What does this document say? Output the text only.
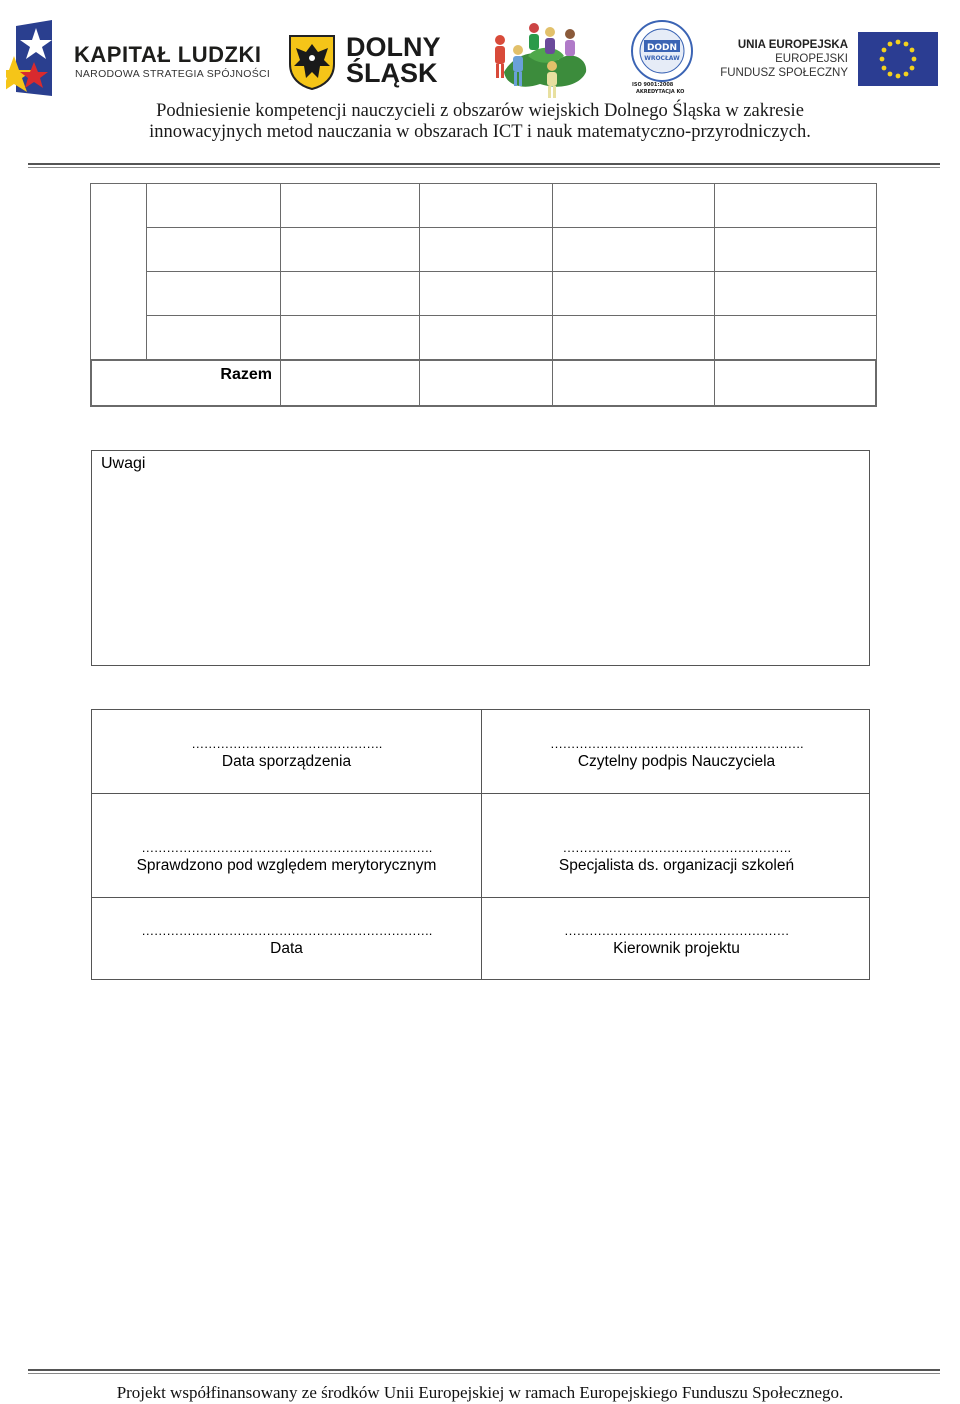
KAPITAŁ LUDZKI
NARODOWA STRATEGIA SPÓJNOŚCI
DOLNY
ŚLĄSK
DODN
WROCŁAW
ISO 9001:2008
AKREDYTACJA KO
UNIA EUROPEJSKA
EUROPEJSKI
FUNDUSZ SPOŁECZNY
Podniesienie kompetencji nauczycieli z obszarów wiejskich Dolnego Śląska w zakresie
innowacyjnych metod nauczania w obszarach ICT i nauk matematyczno-przyrodniczych.
Razem
Uwagi
……………………………………….
Data sporządzenia
…………………………………………………….
Czytelny podpis Nauczyciela
…………………………………………………………….
Sprawdzono pod względem merytorycznym
……………………………………………….
Specjalista ds. organizacji szkoleń
…………………………………………………………….
Data
………………………………………………
Kierownik projektu
Projekt współfinansowany ze środków Unii Europejskiej w ramach Europejskiego Funduszu Społecznego.
